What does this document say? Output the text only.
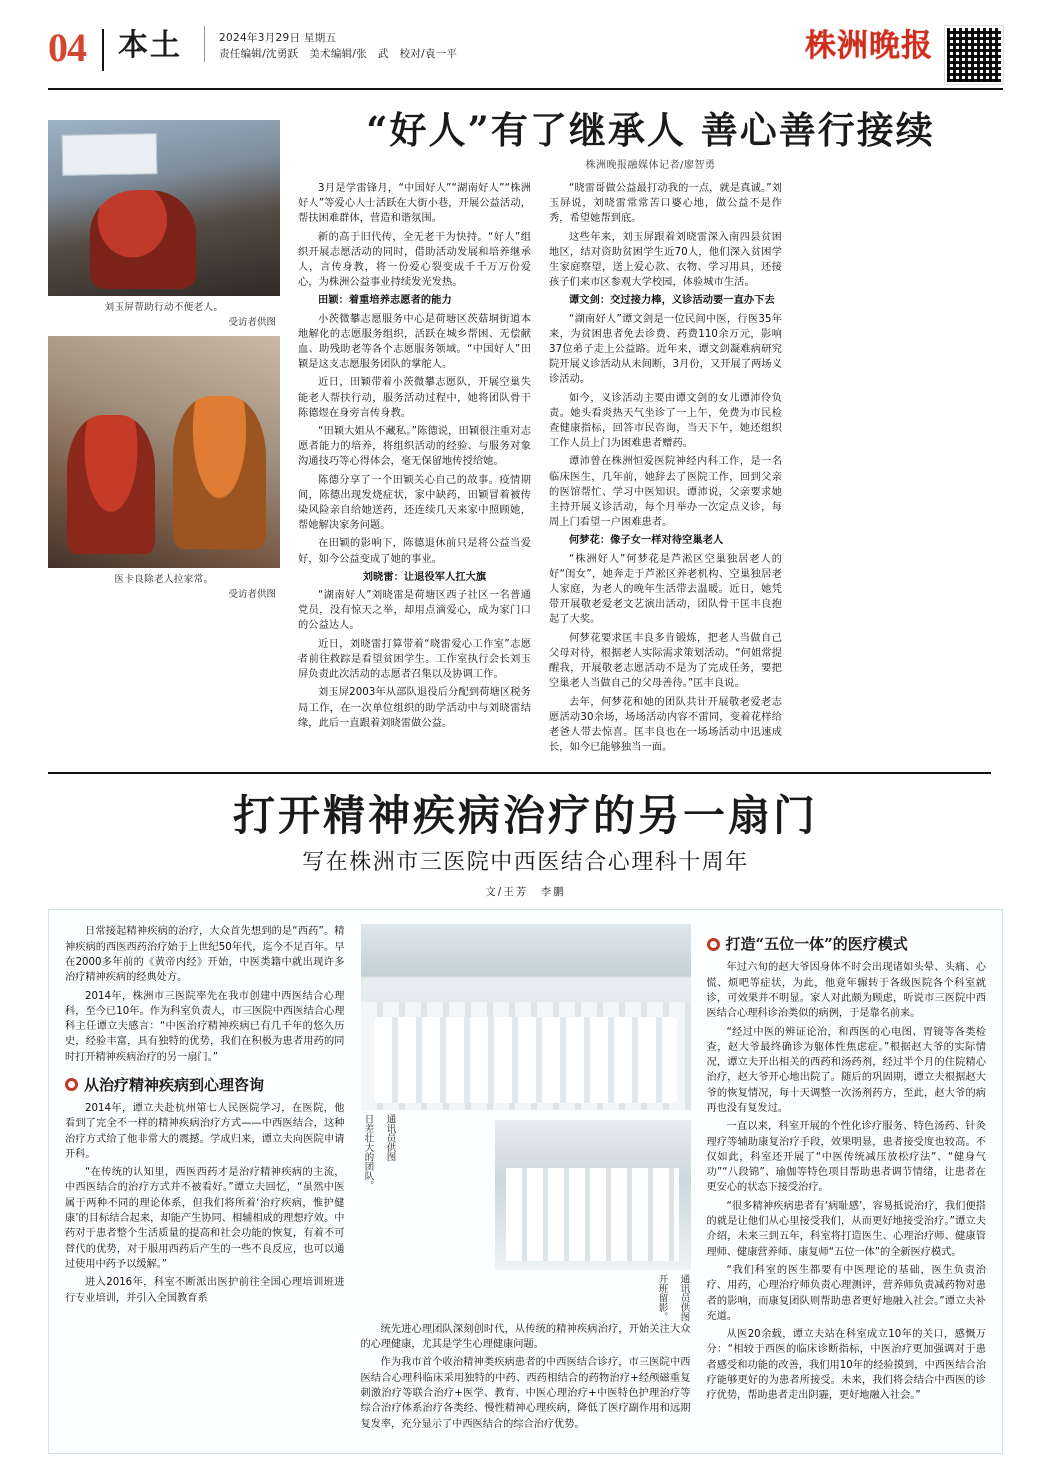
04 本土	2024年3月29日 星期五
责任编辑/沈勇跃　美术编辑/张　武　校对/袁一平	株洲晚报
刘玉屏帮助行动不便老人。
受访者供图
医卡良除老人拉家常。
受访者供图
“好人”有了继承人 善心善行接续
株洲晚报融媒体记者/廖智勇

3月是学雷锋月，“中国好人”“湖南好人”“株洲好人”等爱心人士活跃在大街小巷，开展公益活动，帮扶困难群体，营造和谐氛围。

新的高于旧代传，全无老干为快持。“好人”组织开展志愿活动的同时，借助活动发展和培养继承人，言传身教，将一份爱心裂变成千千万万份爱心，为株洲公益事业持续发光发热。

田颖：着重培养志愿者的能力

小茨微攀志愿服务中心是荷塘区茨菇垌街道本地解化的志愿服务组织，活跃在城乡帮困、无偿献血、助残助老等各个志愿服务领域。“中国好人”田颖是这支志愿服务团队的掌舵人。

近日，田颖带着小茨微攀志愿队，开展空巢失能老人帮扶行动，服务活动过程中，她将团队骨干陈德煜在身旁言传身教。

“田颖大姐从不藏私。”陈德说，田颖很注重对志愿者能力的培养，将组织活动的经验、与服务对象沟通技巧等心得体会，毫无保留地传授给她。

陈德分享了一个田颖关心自己的故事。疫情期间，陈德出现发烧症状，家中缺药，田颖冒着被传染风险亲自给她送药，还连续几天来家中照顾她，帮她解决家务问题。

在田颖的影响下，陈德退休前只是将公益当爱好，如今公益变成了她的事业。

刘晓雷：让退役军人扛大旗

“湖南好人”刘晓雷是荷塘区西子社区一名普通党员，没有惊天之举，却用点滴爱心，成为家门口的公益达人。

近日，刘晓雷打算带着“晓雷爱心工作室”志愿者前往救踪是看望贫困学生。工作室执行会长刘玉屏负责此次活动的志愿者召集以及协调工作。

刘玉屏2003年从部队退役后分配到荷塘区税务局工作，在一次单位组织的助学活动中与刘晓雷结缘，此后一直跟着刘晓雷做公益。

“晓雷哥做公益最打动我的一点，就是真诚。”刘玉屏说，刘晓雷常常苦口婆心地，做公益不是作秀，希望她帮到底。

这些年来，刘玉屏跟着刘晓雷深入南四县贫困地区，结对资助贫困学生近70人，他们深入贫困学生家庭察望，送上爱心款、衣物、学习用具，还接孩子们来市区参观大学校园，体验城市生活。

谭文剑：交过接力棒，义诊活动要一直办下去

“湖南好人”谭文剑是一位民间中医，行医35年来，为贫困患者免去诊费、药费110余万元，影响37位弟子走上公益路。近年来，谭文剑凝难病研究院开展义诊活动从未间断，3月份，又开展了两场义诊活动。

如今，义诊活动主要由谭文剑的女儿谭沛伶负责。她头看炎热天气坐诊了一上午，免费为市民检查健康指标，回答市民咨询，当天下午，她还组织工作人员上门为困难患者赠药。

谭沛曾在株洲恒爱医院神经内科工作，是一名临床医生，几年前，她辞去了医院工作，回到父亲的医馆帮忙、学习中医知识。谭沛说，父亲要求她主持开展义诊活动，每个月举办一次定点义诊，每周上门看望一户困难患者。

何梦花：像子女一样对待空巢老人

“株洲好人”何梦花是芦淞区空巢独居老人的好“闺女”，她奔走于芦淞区养老机构、空巢独居老人家庭，为老人的晚年生活带去温暖。近日，她凭带开展敬老爱老文艺演出活动，团队骨干匡丰良抱起了大奖。

何梦花要求匡丰良多肯锻炼，把老人当做自己父母对待，根据老人实际需求策划活动。“何姐常提醒我，开展敬老志愿活动不是为了完成任务，要把空巢老人当做自己的父母善待。”匡丰良说。

去年，何梦花和她的团队共计开展敬老爱老志愿活动30余场，场场活动内容不雷同，变着花样给老爸人带去惊喜。匡丰良也在一场场活动中迅速成长，如今已能够独当一面。

打开精神疾病治疗的另一扇门
写在株洲市三医院中西医结合心理科十周年
文/王芳　李鹏

日常接起精神疾病的治疗，大众首先想到的是“西药”。精神疾病的西医西药治疗始于上世纪50年代，迄今不足百年。早在2000多年前的《黄帝内经》开始，中医类籍中就出现许多治疗精神疾病的经典处方。

2014年，株洲市三医院率先在我市创建中西医结合心理科，至今已10年。作为科室负责人，市三医院中西医结合心理科主任谭立夫感言：“中医治疗精神疾病已有几千年的悠久历史，经验丰富，具有独特的优势，我们在积极为患者用药的同时打开精神疾病治疗的另一扇门。”

从治疗精神疾病到心理咨询

2014年，谭立夫赴杭州第七人民医院学习，在医院，他看到了完全不一样的精神疾病治疗方式——中西医结合，这种治疗方式给了他非常大的震撼。学成归来，谭立夫向医院申请开科。

“在传统的认知里，西医西药才是治疗精神疾病的主流，中西医结合的治疗方式并不被看好。”谭立夫回忆，“虽然中医属于两种不同的理论体系，但我们将所着‘治疗疾病，惟护健康’的目标结合起来，却能产生协同、相辅相成的理想疗效。中药对于患者整个生活质量的提高和社会功能的恢复，有着不可替代的优势，对于服用西药后产生的一些不良反应，也可以通过使用中药予以缓解。”

进入2016年，科室不断派出医护前往全国心理培训班进行专业培训，并引入全国教育系

日差壮大的团队。 通讯员供图
开班留影。 通讯员供图

统先进心理团队深刻创时代，从传统的精神疾病治疗，开始关注大众的心理健康，尤其是学生心理健康问题。

作为我市首个收治精神类疾病患者的中西医结合诊疗，市三医院中西医结合心理科临床采用独特的中药、西药相结合的药物治疗+经颅磁重复刺激治疗等联合治疗+医学、教育、中医心理治疗+中医特色护理治疗等综合治疗体系治疗各类经、慢性精神心理疾病，降低了医疗副作用和远期复发率，充分显示了中西医结合的综合治疗优势。

打造“五位一体”的医疗模式

年过六旬的赵大爷因身体不时会出现诸如头晕、头痛、心慌、烦吧等症状，为此，他竟年辗转于各级医院各个科室就诊，可效果并不明显。家人对此颇为顾虑，听说市三医院中西医结合心理科诊治类似的病例，于是靠名前来。

“经过中医的辨证论治，和西医的心电图、胃镜等各类检查，赵大爷最终确诊为躯体性焦虑症。”根据赵大爷的实际情况，谭立夫开出相关的西药和汤药剂，经过半个月的住院精心治疗，赵大爷开心地出院了。随后的巩固期，谭立夫根据赵大爷的恢复情况，每十天调整一次汤剂药方，至此，赵大爷的病再也没有复发过。

一直以来，科室开展的个性化诊疗服务、特色汤药、针灸理疗等辅助康复治疗手段，效果明显，患者接受度也较高。不仅如此，科室还开展了“中医传统减压放松疗法”、“健身气功”“八段锦”、瑜伽等特色项目帮助患者调节情绪，让患者在更安心的状态下接受治疗。

“很多精神疾病患者有‘病耻感’，容易抵说治疗，我们便搭的就是让他们从心里接受我们，从而更好地接受治疗。”谭立夫介绍，未来三到五年，科室将打造医生、心理治疗师、健康管理师、健康营养师、康复师“五位一体”的全新医疗模式。

“我们科室的医生都要有中医理论的基础，医生负责治疗、用药，心理治疗师负责心理测评，营养师负责减药物对患者的影响，而康复团队则帮助患者更好地融入社会。”谭立夫补充道。

从医20余载，谭立夫站在科室成立10年的关口，感慨万分：“相较于西医的临床诊断指标，中医治疗更加强调对于患者感受和功能的改善，我们用10年的经验摸到，中西医结合治疗能够更好的为患者所接受。未来，我们将会结合中西医的诊疗优势，帮助患者走出阴霾，更好地融入社会。”
